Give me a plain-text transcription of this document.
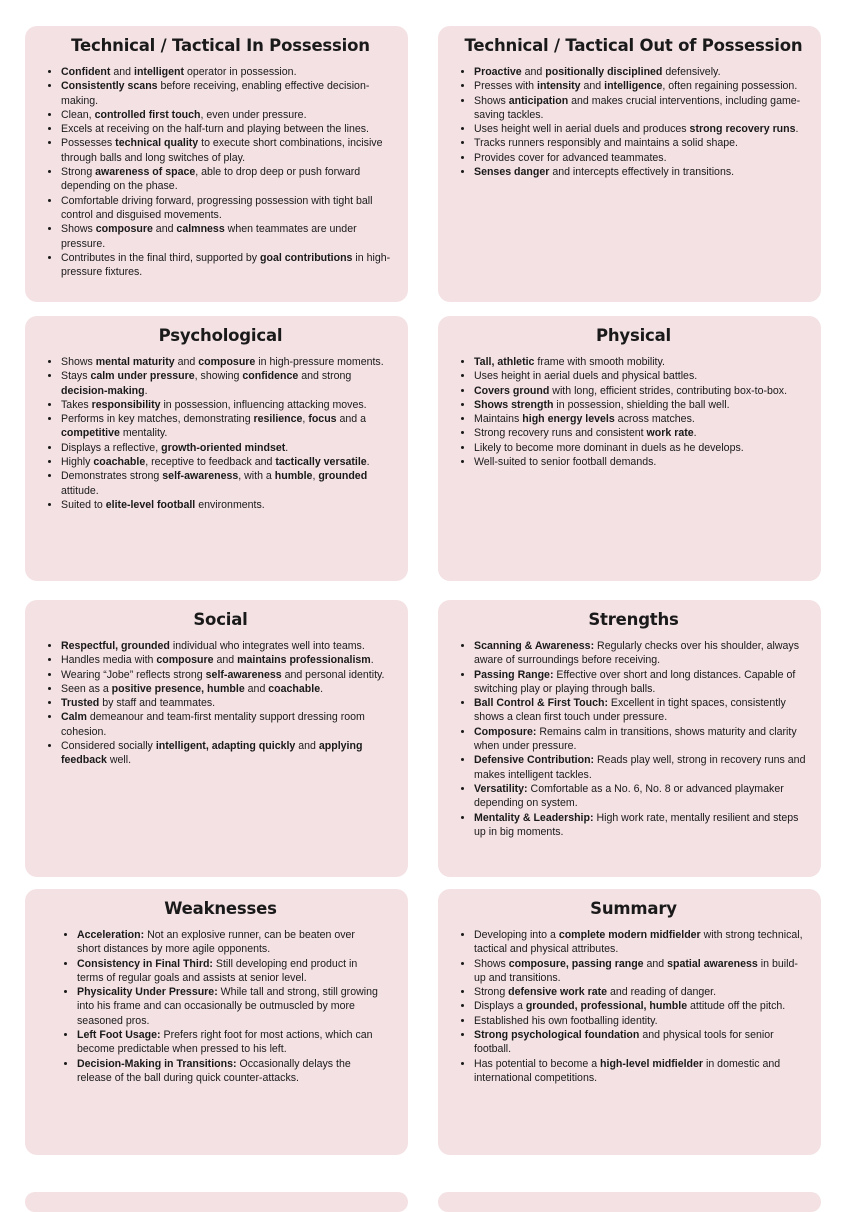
Technical / Tactical In Possession
• Confident and intelligent operator in possession.
• Consistently scans before receiving, enabling effective decision-making.
• Clean, controlled first touch, even under pressure.
• Excels at receiving on the half-turn and playing between the lines.
• Possesses technical quality to execute short combinations, incisive through balls and long switches of play.
• Strong awareness of space, able to drop deep or push forward depending on the phase.
• Comfortable driving forward, progressing possession with tight ball control and disguised movements.
• Shows composure and calmness when teammates are under pressure.
• Contributes in the final third, supported by goal contributions in high-pressure fixtures.
Technical / Tactical Out of Possession
• Proactive and positionally disciplined defensively.
• Presses with intensity and intelligence, often regaining possession.
• Shows anticipation and makes crucial interventions, including game-saving tackles.
• Uses height well in aerial duels and produces strong recovery runs.
• Tracks runners responsibly and maintains a solid shape.
• Provides cover for advanced teammates.
• Senses danger and intercepts effectively in transitions.
Psychological
• Shows mental maturity and composure in high-pressure moments.
• Stays calm under pressure, showing confidence and strong decision-making.
• Takes responsibility in possession, influencing attacking moves.
• Performs in key matches, demonstrating resilience, focus and a competitive mentality.
• Displays a reflective, growth-oriented mindset.
• Highly coachable, receptive to feedback and tactically versatile.
• Demonstrates strong self-awareness, with a humble, grounded attitude.
• Suited to elite-level football environments.
Physical
• Tall, athletic frame with smooth mobility.
• Uses height in aerial duels and physical battles.
• Covers ground with long, efficient strides, contributing box-to-box.
• Shows strength in possession, shielding the ball well.
• Maintains high energy levels across matches.
• Strong recovery runs and consistent work rate.
• Likely to become more dominant in duels as he develops.
• Well-suited to senior football demands.
Social
• Respectful, grounded individual who integrates well into teams.
• Handles media with composure and maintains professionalism.
• Wearing “Jobe” reflects strong self-awareness and personal identity.
• Seen as a positive presence, humble and coachable.
• Trusted by staff and teammates.
• Calm demeanour and team-first mentality support dressing room cohesion.
• Considered socially intelligent, adapting quickly and applying feedback well.
Strengths
• Scanning & Awareness: Regularly checks over his shoulder, always aware of surroundings before receiving.
• Passing Range: Effective over short and long distances. Capable of switching play or playing through balls.
• Ball Control & First Touch: Excellent in tight spaces, consistently shows a clean first touch under pressure.
• Composure: Remains calm in transitions, shows maturity and clarity when under pressure.
• Defensive Contribution: Reads play well, strong in recovery runs and makes intelligent tackles.
• Versatility: Comfortable as a No. 6, No. 8 or advanced playmaker depending on system.
• Mentality & Leadership: High work rate, mentally resilient and steps up in big moments.
Weaknesses
• Acceleration: Not an explosive runner, can be beaten over short distances by more agile opponents.
• Consistency in Final Third: Still developing end product in terms of regular goals and assists at senior level.
• Physicality Under Pressure: While tall and strong, still growing into his frame and can occasionally be outmuscled by more seasoned pros.
• Left Foot Usage: Prefers right foot for most actions, which can become predictable when pressed to his left.
• Decision-Making in Transitions: Occasionally delays the release of the ball during quick counter-attacks.
Summary
• Developing into a complete modern midfielder with strong technical, tactical and physical attributes.
• Shows composure, passing range and spatial awareness in build-up and transitions.
• Strong defensive work rate and reading of danger.
• Displays a grounded, professional, humble attitude off the pitch.
• Established his own footballing identity.
• Strong psychological foundation and physical tools for senior football.
• Has potential to become a high-level midfielder in domestic and international competitions.
